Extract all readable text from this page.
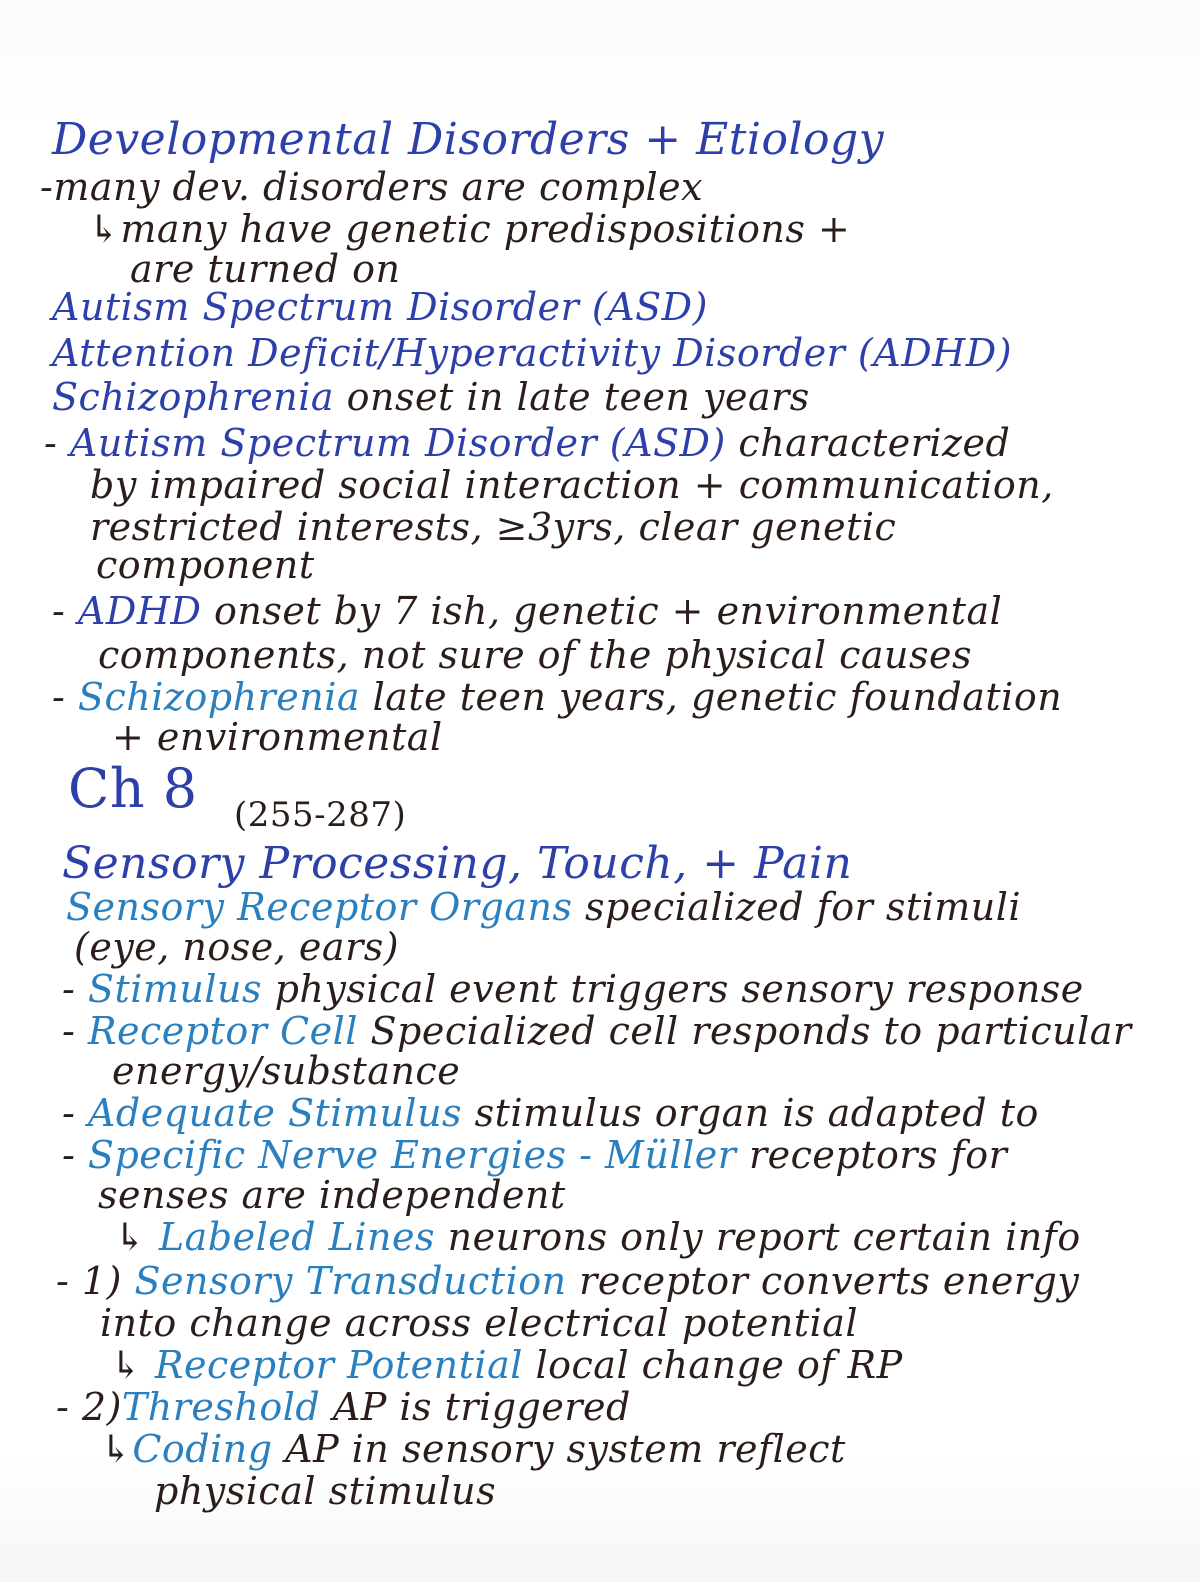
Developmental Disorders + Etiology
-many dev. disorders are complex
↳many have genetic predispositions +
are turned on
Autism Spectrum Disorder (ASD)
Attention Deficit/Hyperactivity Disorder (ADHD)
Schizophrenia onset in late teen years
- Autism Spectrum Disorder (ASD) characterized
by impaired social interaction + communication,
restricted interests, ≥3yrs, clear genetic
component
- ADHD onset by 7 ish, genetic + environmental
components, not sure of the physical causes
- Schizophrenia late teen years, genetic foundation
+ environmental
Ch 8 (255-287)
Sensory Processing, Touch, + Pain
Sensory Receptor Organs specialized for stimuli
(eye, nose, ears)
- Stimulus physical event triggers sensory response
- Receptor Cell Specialized cell responds to particular
energy/substance
- Adequate Stimulus stimulus organ is adapted to
- Specific Nerve Energies - Müller receptors for
senses are independent
↳ Labeled Lines neurons only report certain info
- 1) Sensory Transduction receptor converts energy
into change across electrical potential
↳ Receptor Potential local change of RP
- 2)Threshold AP is triggered
↳Coding AP in sensory system reflect
physical stimulus
